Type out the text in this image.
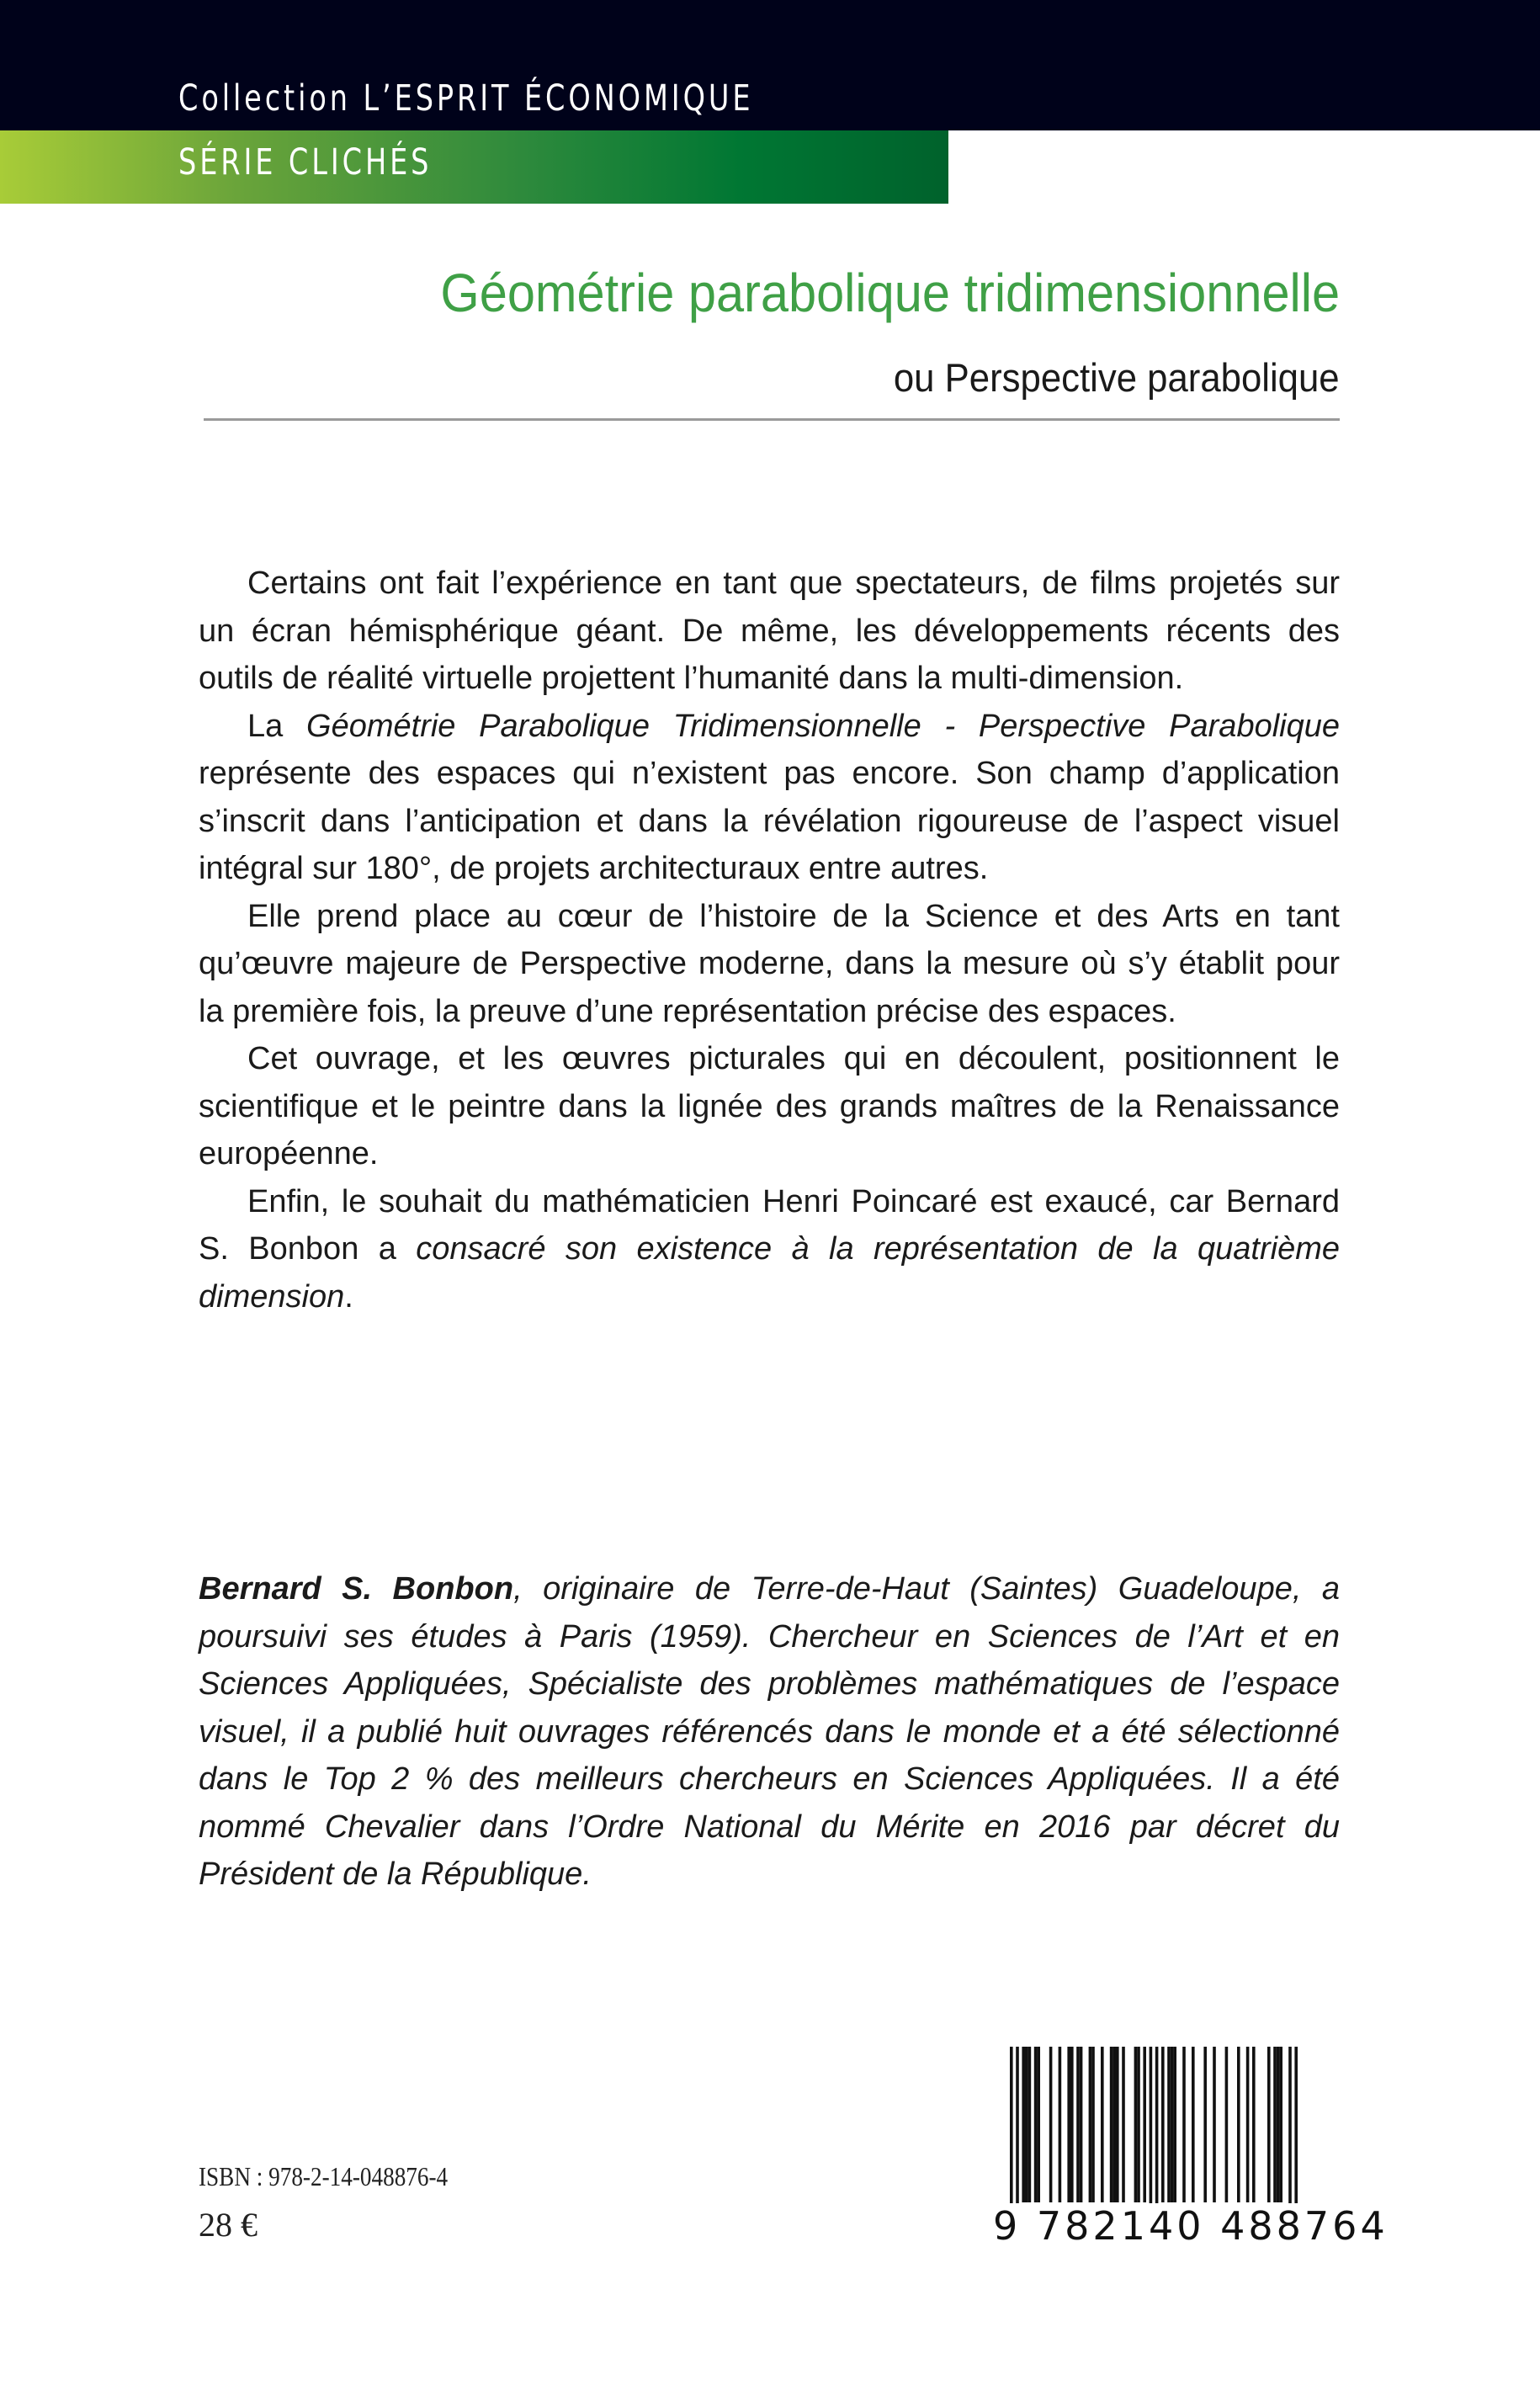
Collection L’ESPRIT ÉCONOMIQUE
SÉRIE CLICHÉS
Géométrie parabolique tridimensionnelle
ou Perspective parabolique

Certains ont fait l’expérience en tant que spectateurs, de films projetés sur un écran hémisphérique géant. De même, les développements récents des outils de réalité virtuelle projettent l’humanité dans la multi-dimension.

La Géométrie Parabolique Tridimensionnelle - Perspective Parabolique représente des espaces qui n’existent pas encore. Son champ d’application s’inscrit dans l’anticipation et dans la révélation rigoureuse de l’aspect visuel intégral sur 180°, de projets architecturaux entre autres.

Elle prend place au cœur de l’histoire de la Science et des Arts en tant qu’œuvre majeure de Perspective moderne, dans la mesure où s’y établit pour la première fois, la preuve d’une représentation précise des espaces.

Cet ouvrage, et les œuvres picturales qui en découlent, positionnent le scientifique et le peintre dans la lignée des grands maîtres de la Renaissance européenne.

Enfin, le souhait du mathématicien Henri Poincaré est exaucé, car Bernard S. Bonbon a consacré son existence à la représentation de la quatrième dimension.

Bernard S. Bonbon, originaire de Terre-de-Haut (Saintes) Guadeloupe, a poursuivi ses études à Paris (1959). Chercheur en Sciences de l’Art et en Sciences Appliquées, Spécialiste des problèmes mathématiques de l’espace visuel, il a publié huit ouvrages référencés dans le monde et a été sélectionné dans le Top 2 % des meilleurs chercheurs en Sciences Appliquées. Il a été nommé Chevalier dans l’Ordre National du Mérite en 2016 par décret du Président de la République.
ISBN : 978-2-14-048876-4
28 €	9 782140 488764
